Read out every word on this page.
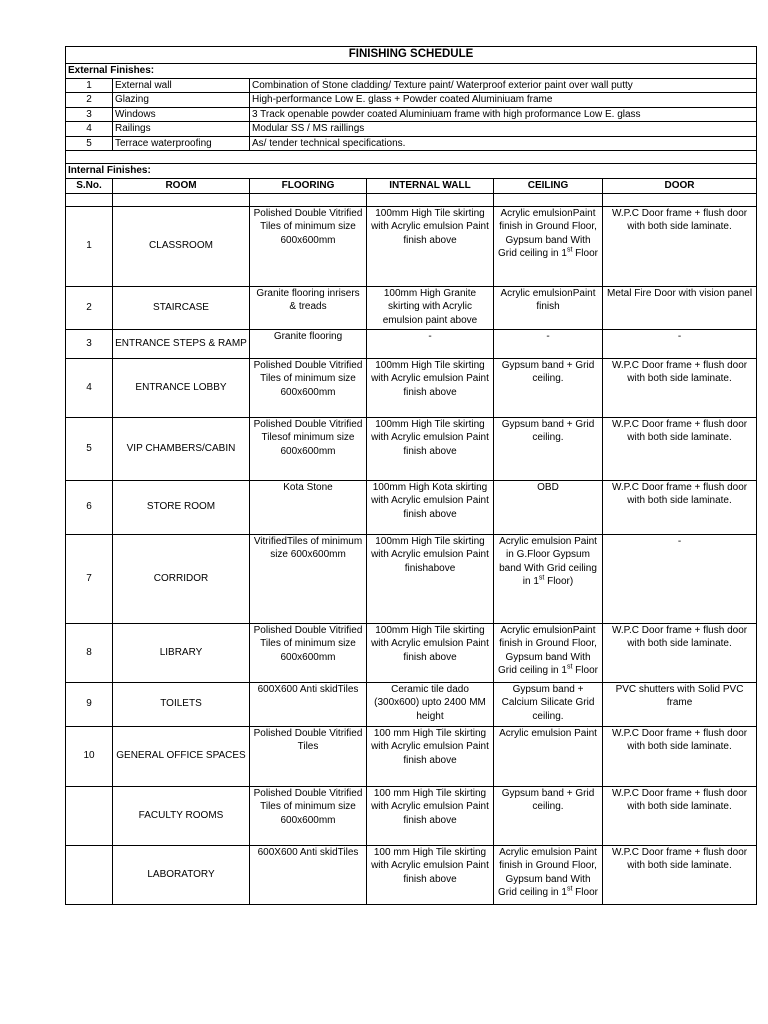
FINISHING SCHEDULE					
External Finishes:					
1	External wall	Combination of Stone cladding/ Texture paint/ Waterproof exterior paint over wall putty			
2	Glazing	High-performance Low E. glass + Powder coated Aluminiuam frame			
3	Windows	3 Track openable powder coated Aluminiuam frame with high proformance Low E. glass			
4	Railings	Modular SS / MS raillings			
5	Terrace waterproofing	As/ tender technical specifications.			

Internal Finishes:					
S.No.	ROOM	FLOORING	INTERNAL WALL	CEILING	DOOR

1	CLASSROOM	Polished Double Vitrified Tiles of minimum size 600x600mm	100mm High Tile skirting with Acrylic emulsion Paint finish above	Acrylic emulsionPaint finish in Ground Floor, Gypsum band With Grid ceiling in 1st Floor	W.P.C Door frame + flush door with both side laminate.
2	STAIRCASE	Granite flooring inrisers & treads	100mm High Granite skirting with Acrylic emulsion paint above	Acrylic emulsionPaint finish	Metal Fire Door with vision panel
3	ENTRANCE STEPS & RAMP	Granite flooring	-	-	-
4	ENTRANCE LOBBY	Polished Double Vitrified Tiles of minimum size 600x600mm	100mm High Tile skirting with Acrylic emulsion Paint finish above	Gypsum band + Grid ceiling.	W.P.C Door frame + flush door with both side laminate.
5	VIP CHAMBERS/CABIN	Polished Double Vitrified Tilesof minimum size 600x600mm	100mm High Tile skirting with Acrylic emulsion Paint finish above	Gypsum band + Grid ceiling.	W.P.C Door frame + flush door with both side laminate.
6	STORE ROOM	Kota Stone	100mm High Kota skirting with Acrylic emulsion Paint finish above	OBD	W.P.C Door frame + flush door with both side laminate.
7	CORRIDOR	VitrifiedTiles of minimum size 600x600mm	100mm High Tile skirting with Acrylic emulsion Paint finishabove	Acrylic emulsion Paint in G.Floor Gypsum band With Grid ceiling in 1st Floor)	-
8	LIBRARY	Polished Double Vitrified Tiles of minimum size 600x600mm	100mm High Tile skirting with Acrylic emulsion Paint finish above	Acrylic emulsionPaint finish in Ground Floor, Gypsum band With Grid ceiling in 1st Floor	W.P.C Door frame + flush door with both side laminate.
9	TOILETS	600X600 Anti skidTiles	Ceramic tile dado (300x600) upto 2400 MM height	Gypsum band + Calcium Silicate Grid ceiling.	PVC shutters with Solid PVC frame
10	GENERAL OFFICE SPACES	Polished Double Vitrified Tiles	100 mm High Tile skirting with Acrylic emulsion Paint finish above	Acrylic emulsion Paint	W.P.C Door frame + flush door with both side laminate.
	FACULTY ROOMS	Polished Double Vitrified Tiles of minimum size 600x600mm	100 mm High Tile skirting with Acrylic emulsion Paint finish above	Gypsum band + Grid ceiling.	W.P.C Door frame + flush door with both side laminate.
	LABORATORY	600X600 Anti skidTiles	100 mm High Tile skirting with Acrylic emulsion Paint finish above	Acrylic emulsion Paint finish in Ground Floor, Gypsum band With Grid ceiling in 1st Floor	W.P.C Door frame + flush door with both side laminate.
